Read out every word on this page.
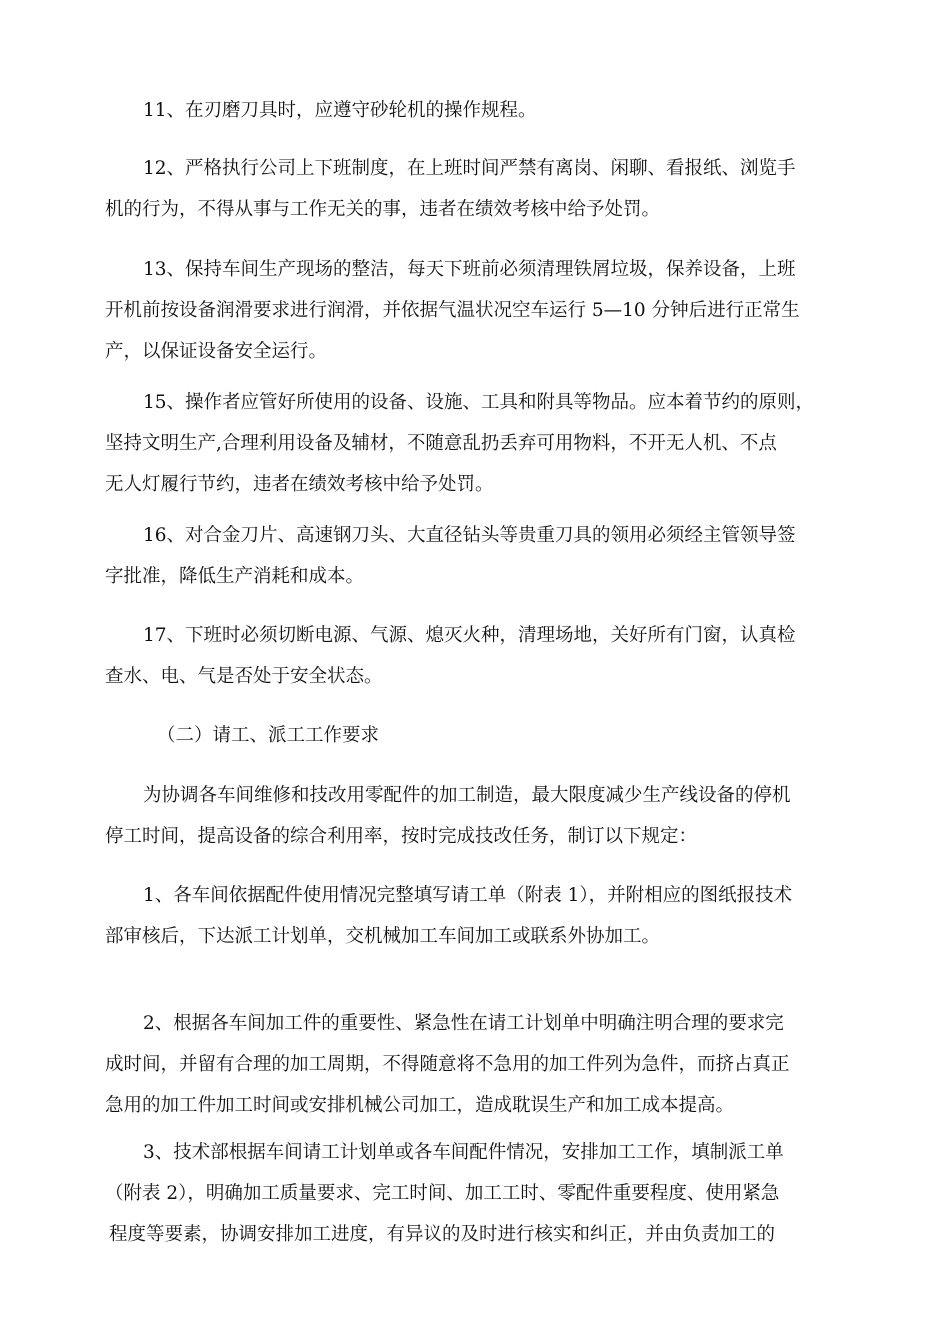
11、在刃磨刀具时，应遵守砂轮机的操作规程。
12、严格执行公司上下班制度，在上班时间严禁有离岗、闲聊、看报纸、浏览手
机的行为，不得从事与工作无关的事，违者在绩效考核中给予处罚。
13、保持车间生产现场的整洁，每天下班前必须清理铁屑垃圾，保养设备，上班
开机前按设备润滑要求进行润滑，并依据气温状况空车运行 5—10 分钟后进行正常生
产，以保证设备安全运行。
15、操作者应管好所使用的设备、设施、工具和附具等物品。应本着节约的原则，
坚持文明生产,合理利用设备及辅材，不随意乱扔丢弃可用物料，不开无人机、不点
无人灯履行节约，违者在绩效考核中给予处罚。
16、对合金刀片、高速钢刀头、大直径钻头等贵重刀具的领用必须经主管领导签
字批准，降低生产消耗和成本。
17、下班时必须切断电源、气源、熄灭火种，清理场地，关好所有门窗，认真检
查水、电、气是否处于安全状态。
（二）请工、派工工作要求
为协调各车间维修和技改用零配件的加工制造，最大限度减少生产线设备的停机
停工时间，提高设备的综合利用率，按时完成技改任务，制订以下规定：
1、各车间依据配件使用情况完整填写请工单（附表 1），并附相应的图纸报技术
部审核后，下达派工计划单，交机械加工车间加工或联系外协加工。
2、根据各车间加工件的重要性、紧急性在请工计划单中明确注明合理的要求完
成时间，并留有合理的加工周期，不得随意将不急用的加工件列为急件，而挤占真正
急用的加工件加工时间或安排机械公司加工，造成耽误生产和加工成本提高。
3、技术部根据车间请工计划单或各车间配件情况，安排加工工作，填制派工单
（附表 2），明确加工质量要求、完工时间、加工工时、零配件重要程度、使用紧急
程度等要素，协调安排加工进度，有异议的及时进行核实和纠正，并由负责加工的
